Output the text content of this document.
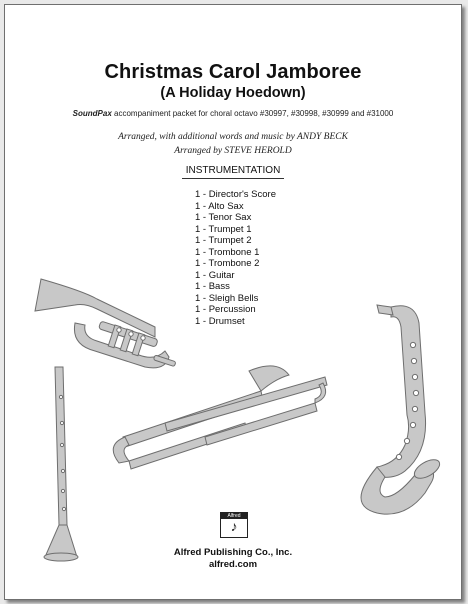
Christmas Carol Jamboree
(A Holiday Hoedown)
SoundPax accompaniment packet for choral octavo #30997, #30998, #30999 and #31000
Arranged, with additional words and music by ANDY BECK
Arranged by STEVE HEROLD
INSTRUMENTATION
1 - Director's Score
1 - Alto Sax
1 - Tenor Sax
1 - Trumpet 1
1 - Trumpet 2
1 - Trombone 1
1 - Trombone 2
1 - Guitar
1 - Bass
1 - Sleigh Bells
1 - Percussion
1 - Drumset
Alfred
♪
Alfred Publishing Co., Inc.
alfred.com
